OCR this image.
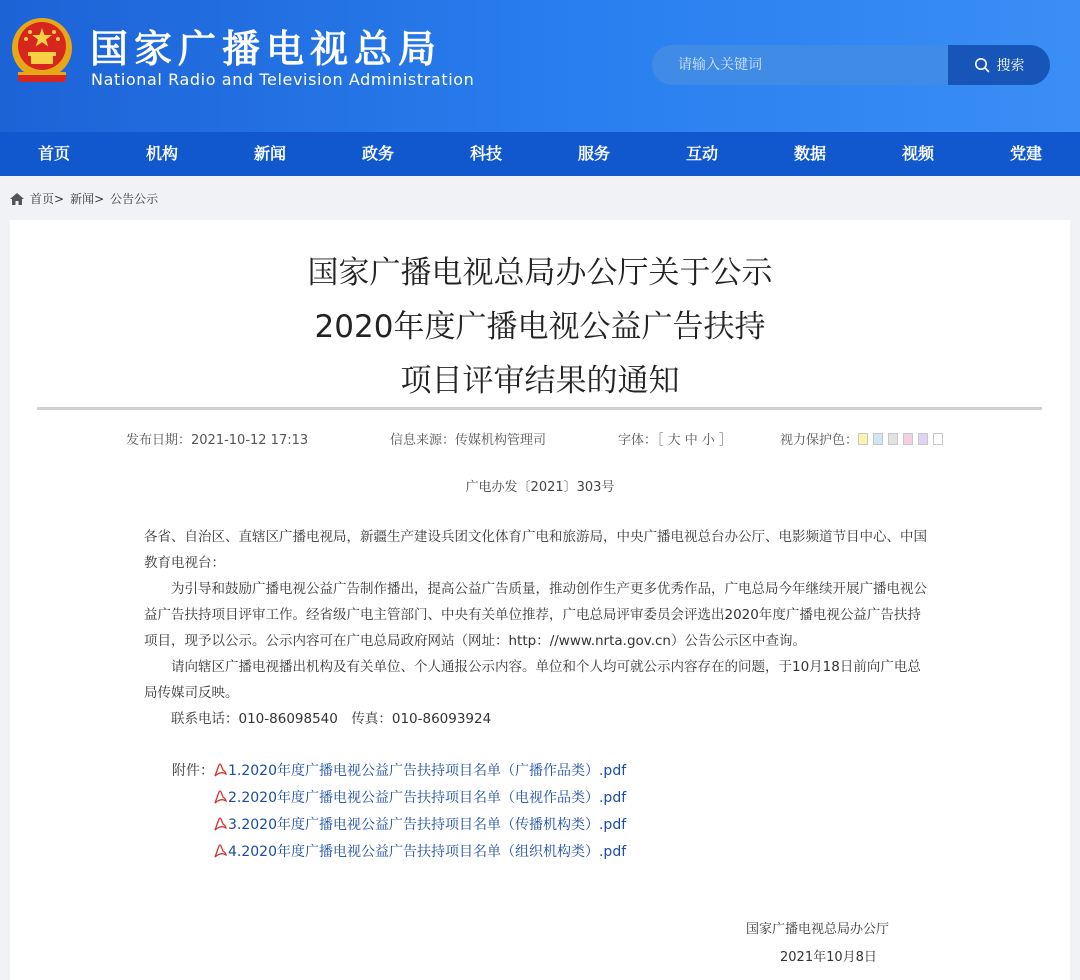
国家广播电视总局
National Radio and Television Administration
请输入关键词
搜索
首页	机构	新闻	政务	科技	服务	互动	数据	视频	党建
首页> 新闻> 公告公示
国家广播电视总局办公厅关于公示
2020年度广播电视公益广告扶持
项目评审结果的通知
发布日期：2021-10-12 17:13	信息来源：传媒机构管理司	字体：［ 大 中 小 ］	视力保护色：
广电办发〔2021〕303号

各省、自治区、直辖区广播电视局，新疆生产建设兵团文化体育广电和旅游局，中央广播电视总台办公厅、电影频道节目中心、中国教育电视台：

为引导和鼓励广播电视公益广告制作播出，提高公益广告质量，推动创作生产更多优秀作品，广电总局今年继续开展广播电视公益广告扶持项目评审工作。经省级广电主管部门、中央有关单位推荐，广电总局评审委员会评选出2020年度广播电视公益广告扶持项目，现予以公示。公示内容可在广电总局政府网站（网址：http：//www.nrta.gov.cn）公告公示区中查询。

请向辖区广播电视播出机构及有关单位、个人通报公示内容。单位和个人均可就公示内容存在的问题，于10月18日前向广电总局传媒司反映。

联系电话：010-86098540　传真：010-86093924

附件：	1.2020年度广播电视公益广告扶持项目名单（广播作品类）.pdf
2.2020年度广播电视公益广告扶持项目名单（电视作品类）.pdf
3.2020年度广播电视公益广告扶持项目名单（传播机构类）.pdf
4.2020年度广播电视公益广告扶持项目名单（组织机构类）.pdf
国家广播电视总局办公厅
2021年10月8日
